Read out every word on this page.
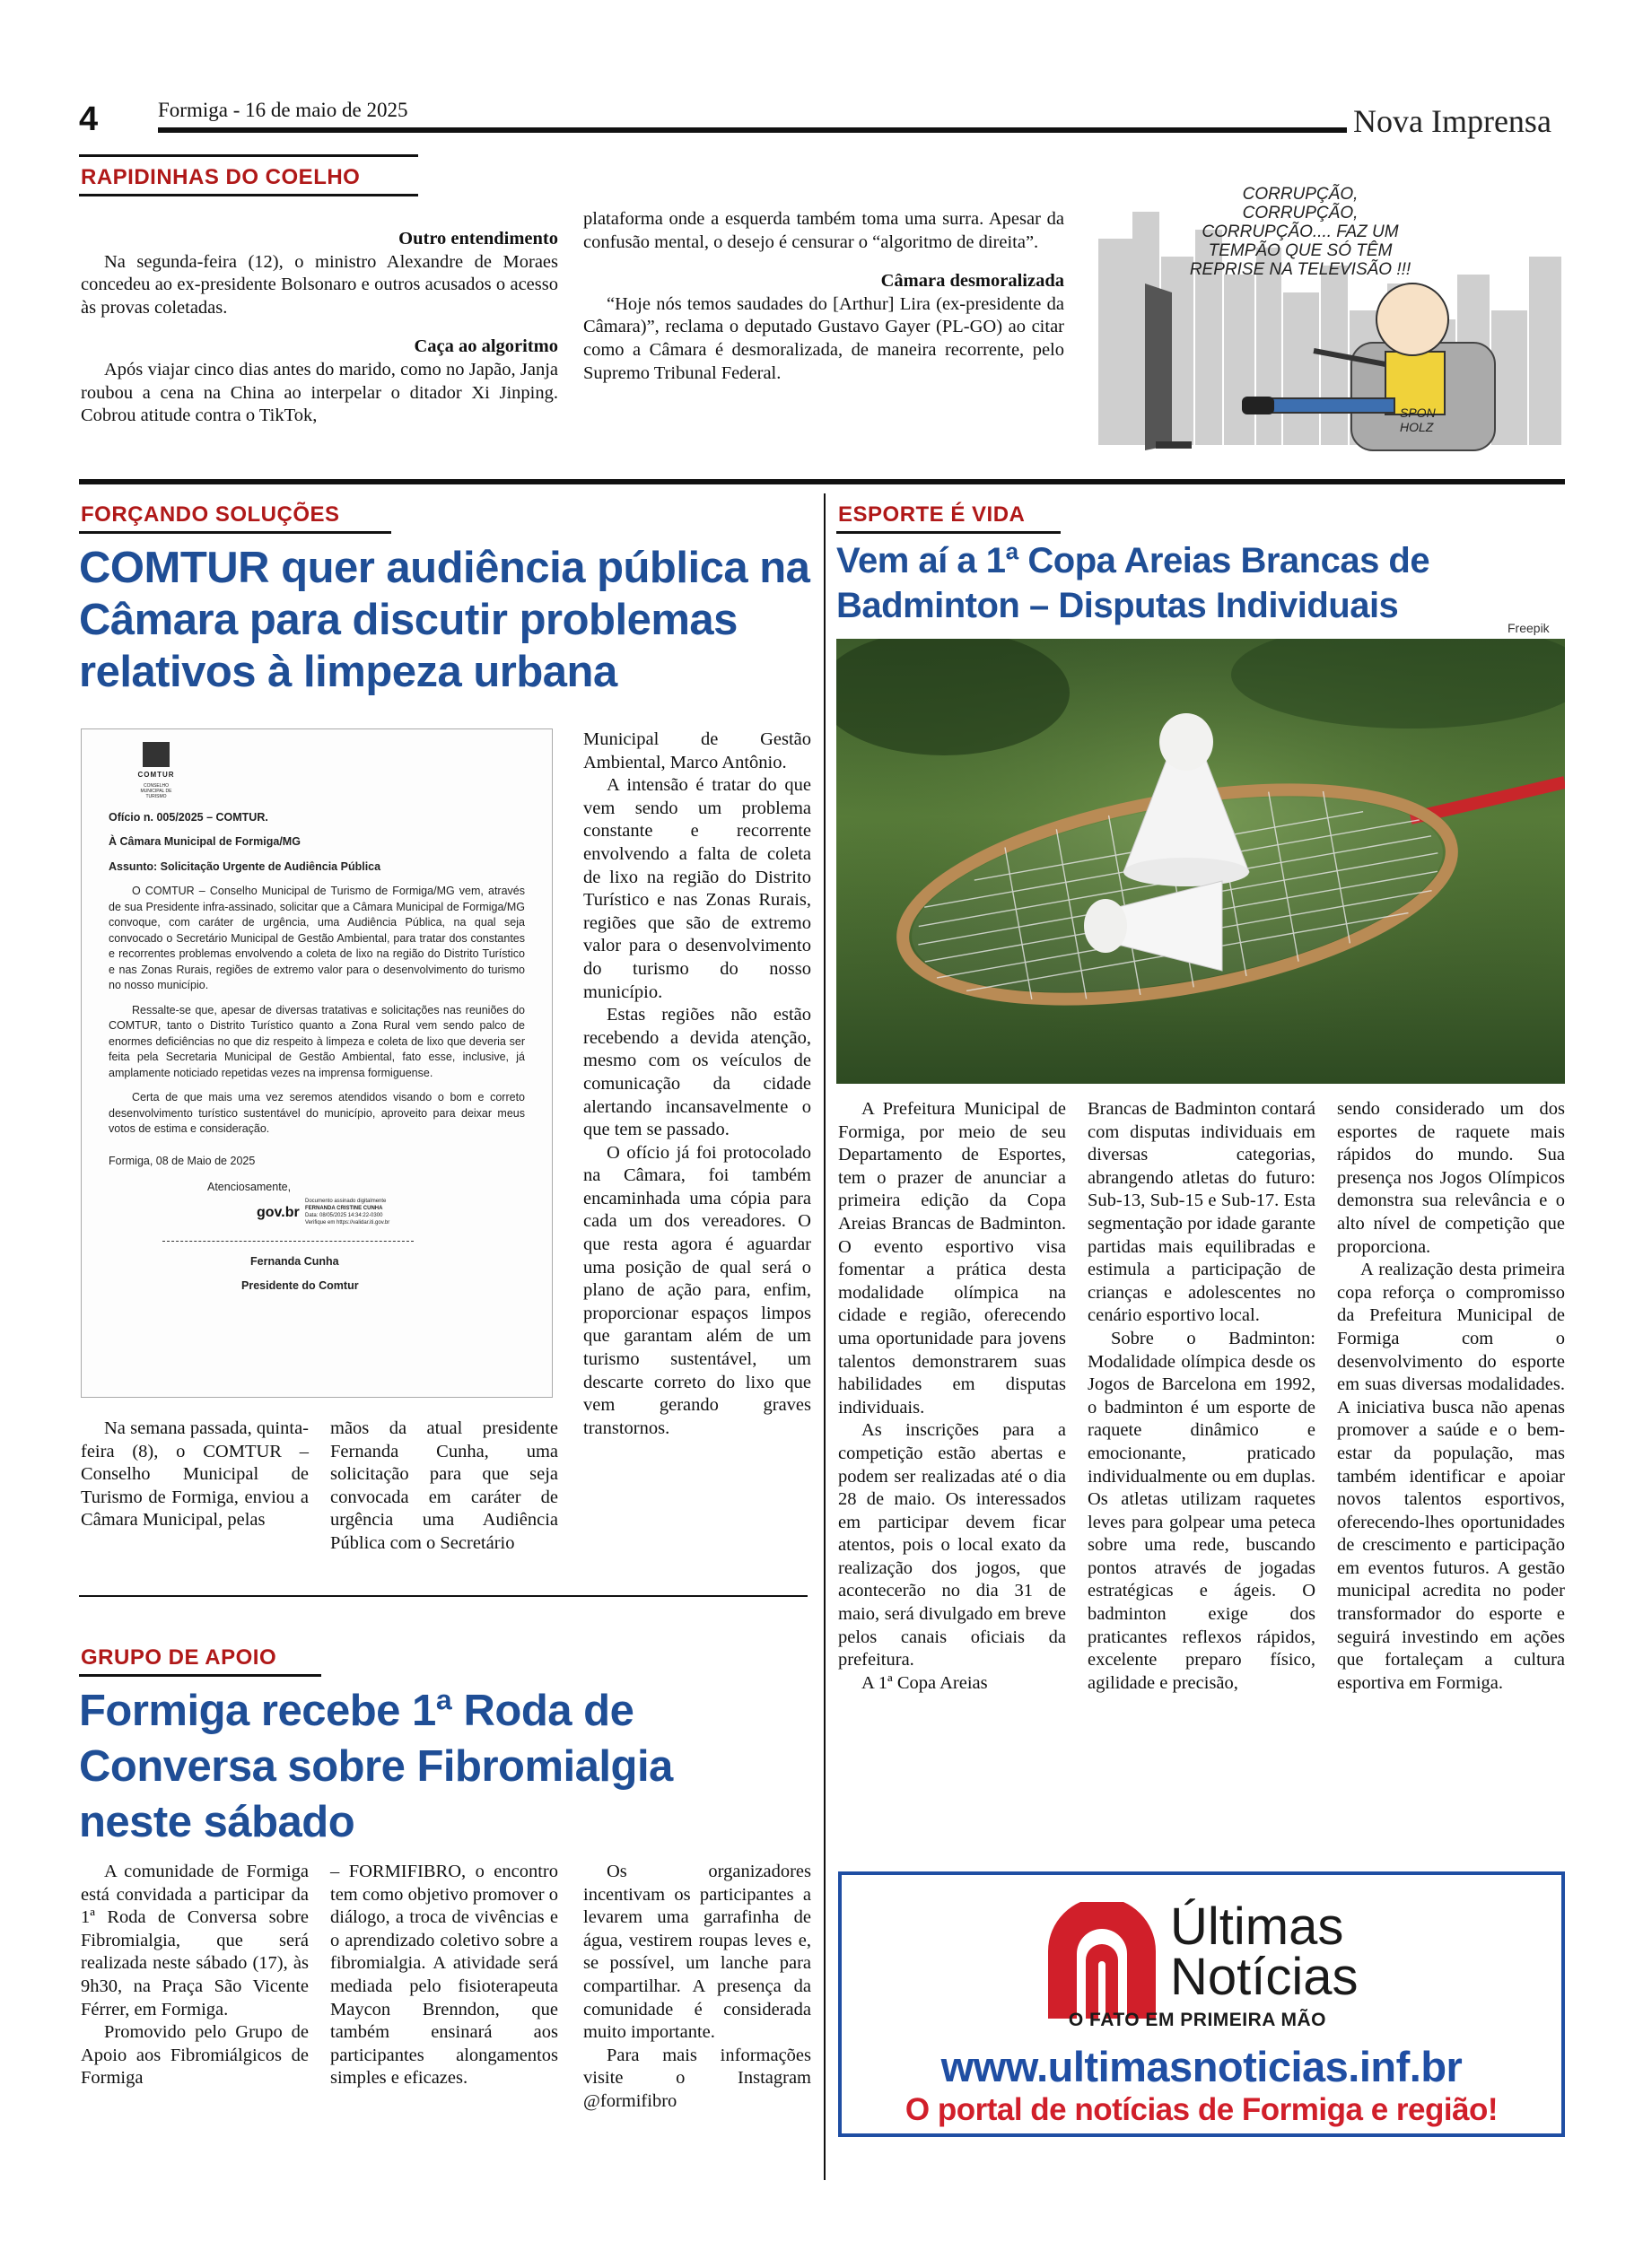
4	Formiga - 16 de maio de 2025	Nova Imprensa
RAPIDINHAS DO COELHO

Outro entendimento

Na segunda-feira (12), o ministro Alexandre de Moraes concedeu ao ex-presidente Bolsonaro e outros acusados o acesso às provas coletadas.

Caça ao algoritmo

Após viajar cinco dias antes do marido, como no Japão, Janja roubou a cena na China ao interpelar o ditador Xi Jinping. Cobrou atitude contra o TikTok,

plataforma onde a esquerda também toma uma surra. Apesar da confusão mental, o desejo é censurar o “algoritmo de direita”.

Câmara desmoralizada

“Hoje nós temos saudades do [Arthur] Lira (ex-presidente da Câmara)”, reclama o deputado Gustavo Gayer (PL-GO) ao citar como a Câmara é desmoralizada, de maneira recorrente, pelo Supremo Tribunal Federal.

CORRUPÇÃO, CORRUPÇÃO, CORRUPÇÃO.... FAZ UM TEMPÃO QUE SÓ TÊM REPRISE NA TELEVISÃO !!!
SPON HOLZ
FORÇANDO SOLUÇÕES
COMTUR quer audiência pública na Câmara para discutir problemas relativos à limpeza urbana
COMTUR
CONSELHO MUNICIPAL DE TURISMO
Ofício n. 005/2025 – COMTUR.
À Câmara Municipal de Formiga/MG
Assunto: Solicitação Urgente de Audiência Pública
O COMTUR – Conselho Municipal de Turismo de Formiga/MG vem, através de sua Presidente infra-assinado, solicitar que a Câmara Municipal de Formiga/MG convoque, com caráter de urgência, uma Audiência Pública, na qual seja convocado o Secretário Municipal de Gestão Ambiental, para tratar dos constantes e recorrentes problemas envolvendo a coleta de lixo na região do Distrito Turístico e nas Zonas Rurais, regiões de extremo valor para o desenvolvimento do turismo no nosso município.
Ressalte-se que, apesar de diversas tratativas e solicitações nas reuniões do COMTUR, tanto o Distrito Turístico quanto a Zona Rural vem sendo palco de enormes deficiências no que diz respeito à limpeza e coleta de lixo que deveria ser feita pela Secretaria Municipal de Gestão Ambiental, fato esse, inclusive, já amplamente noticiado repetidas vezes na imprensa formiguense.
Certa de que mais uma vez seremos atendidos visando o bom e correto desenvolvimento turístico sustentável do município, aproveito para deixar meus votos de estima e consideração.
Formiga, 08 de Maio de 2025
Atenciosamente,
gov.br
Documento assinado digitalmente
FERNANDA CRISTINE CUNHA
Data: 08/05/2025 14:34:22-0300
Verifique em https://validar.iti.gov.br
Fernanda Cunha
Presidente do Comtur

Municipal de Gestão Ambiental, Marco Antônio.

A intensão é tratar do que vem sendo um problema constante e recorrente envolvendo a falta de coleta de lixo na região do Distrito Turístico e nas Zonas Rurais, regiões que são de extremo valor para o desenvolvimento do turismo do nosso município.

Estas regiões não estão recebendo a devida atenção, mesmo com os veículos de comunicação da cidade alertando incansavelmente o que tem se passado.

O ofício já foi protocolado na Câmara, foi também encaminhada uma cópia para cada um dos vereadores. O que resta agora é aguardar uma posição de qual será o plano de ação para, enfim, proporcionar espaços limpos que garantam além de um turismo sustentável, um descarte correto do lixo que vem gerando graves transtornos.

Na semana passada, quinta-feira (8), o COMTUR – Conselho Municipal de Turismo de Formiga, enviou a Câmara Municipal, pelas

mãos da atual presidente Fernanda Cunha, uma solicitação para que seja convocada em caráter de urgência uma Audiência Pública com o Secretário

GRUPO DE APOIO
Formiga recebe 1ª Roda de Conversa sobre Fibromialgia neste sábado

A comunidade de Formiga está convidada a participar da 1ª Roda de Conversa sobre Fibromialgia, que será realizada neste sábado (17), às 9h30, na Praça São Vicente Férrer, em Formiga.

Promovido pelo Grupo de Apoio aos Fibromiálgicos de Formiga

– FORMIFIBRO, o encontro tem como objetivo promover o diálogo, a troca de vivências e o aprendizado coletivo sobre a fibromialgia. A atividade será mediada pelo fisioterapeuta Maycon Brenndon, que também ensinará aos participantes alongamentos simples e eficazes.

Os organizadores incentivam os participantes a levarem uma garrafinha de água, vestirem roupas leves e, se possível, um lanche para compartilhar. A presença da comunidade é considerada muito importante.

Para mais informações visite o Instagram @formifibro

ESPORTE É VIDA
Vem aí a 1ª Copa Areias Brancas de Badminton – Disputas Individuais
Freepik

A Prefeitura Municipal de Formiga, por meio de seu Departamento de Esportes, tem o prazer de anunciar a primeira edição da Copa Areias Brancas de Badminton. O evento esportivo visa fomentar a prática desta modalidade olímpica na cidade e região, oferecendo uma oportunidade para jovens talentos demonstrarem suas habilidades em disputas individuais.

As inscrições para a competição estão abertas e podem ser realizadas até o dia 28 de maio. Os interessados em participar devem ficar atentos, pois o local exato da realização dos jogos, que acontecerão no dia 31 de maio, será divulgado em breve pelos canais oficiais da prefeitura.

A 1ª Copa Areias

Brancas de Badminton contará com disputas individuais em diversas categorias, abrangendo atletas do futuro: Sub-13, Sub-15 e Sub-17. Esta segmentação por idade garante partidas mais equilibradas e estimula a participação de crianças e adolescentes no cenário esportivo local.

Sobre o Badminton: Modalidade olímpica desde os Jogos de Barcelona em 1992, o badminton é um esporte de raquete dinâmico e emocionante, praticado individualmente ou em duplas. Os atletas utilizam raquetes leves para golpear uma peteca sobre uma rede, buscando pontos através de jogadas estratégicas e ágeis. O badminton exige dos praticantes reflexos rápidos, excelente preparo físico, agilidade e precisão,

sendo considerado um dos esportes de raquete mais rápidos do mundo. Sua presença nos Jogos Olímpicos demonstra sua relevância e o alto nível de competição que proporciona.

A realização desta primeira copa reforça o compromisso da Prefeitura Municipal de Formiga com o desenvolvimento do esporte em suas diversas modalidades. A iniciativa busca não apenas promover a saúde e o bem-estar da população, mas também identificar e apoiar novos talentos esportivos, oferecendo-lhes oportunidades de crescimento e participação em eventos futuros. A gestão municipal acredita no poder transformador do esporte e seguirá investindo em ações que fortaleçam a cultura esportiva em Formiga.

Últimas
Notícias
O FATO EM PRIMEIRA MÃO
www.ultimasnoticias.inf.br
O portal de notícias de Formiga e região!
